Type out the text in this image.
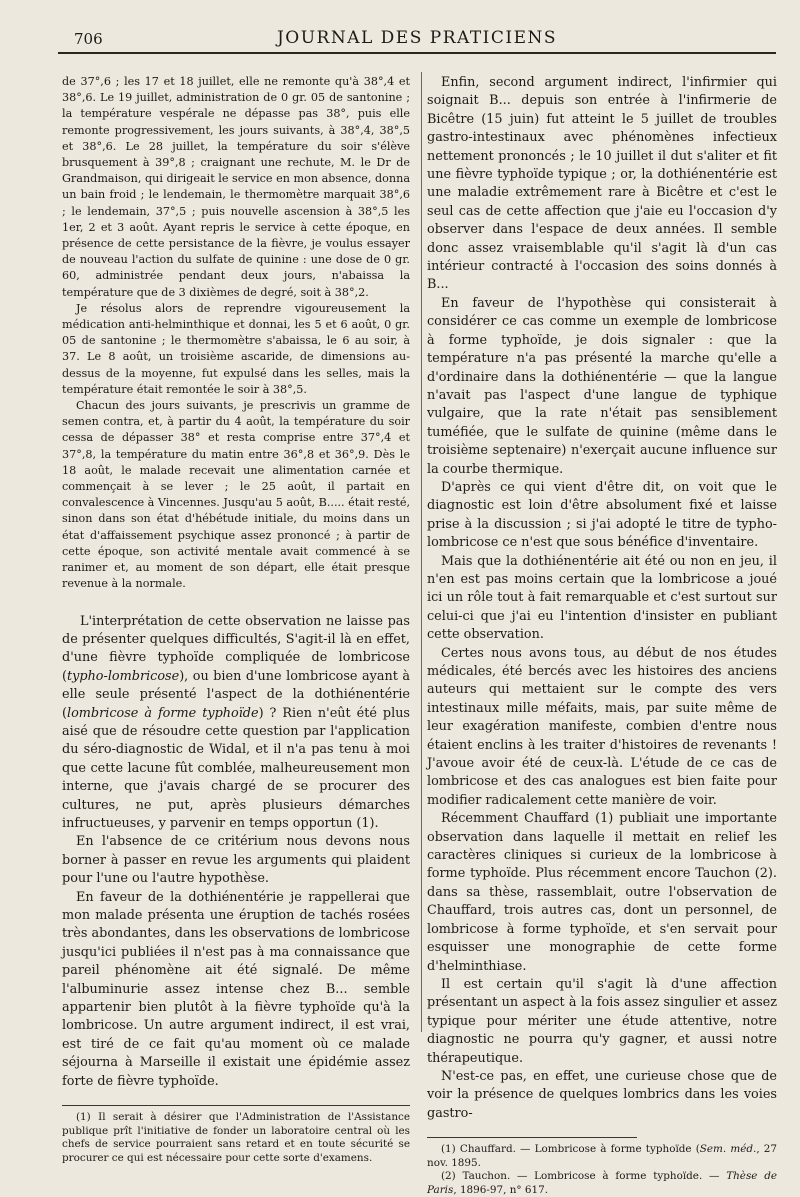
706	JOURNAL DES PRATICIENS

de 37°,6 ; les 17 et 18 juillet, elle ne remonte qu'à 38°,4 et 38°,6. Le 19 juillet, administration de 0 gr. 05 de santonine ; la température vespérale ne dépasse pas 38°, puis elle remonte progressivement, les jours suivants, à 38°,4, 38°,5 et 38°,6. Le 28 juillet, la température du soir s'élève brusquement à 39°,8 ; craignant une rechute, M. le Dr de Grandmaison, qui dirigeait le service en mon absence, donna un bain froid ; le lendemain, le thermomètre marquait 38°,6 ; le lendemain, 37°,5 ; puis nouvelle ascension à 38°,5 les 1er, 2 et 3 août. Ayant repris le service à cette époque, en présence de cette persistance de la fièvre, je voulus essayer de nouveau l'action du sulfate de quinine : une dose de 0 gr. 60, administrée pendant deux jours, n'abaissa la température que de 3 dixièmes de degré, soit à 38°,2.

Je résolus alors de reprendre vigoureusement la médication anti-helminthique et donnai, les 5 et 6 août, 0 gr. 05 de santonine ; le thermomètre s'abaissa, le 6 au soir, à 37. Le 8 août, un troisième ascaride, de dimensions au-dessus de la moyenne, fut expulsé dans les selles, mais la température était remontée le soir à 38°,5.

Chacun des jours suivants, je prescrivis un gramme de semen contra, et, à partir du 4 août, la température du soir cessa de dépasser 38° et resta comprise entre 37°,4 et 37°,8, la température du matin entre 36°,8 et 36°,9. Dès le 18 août, le malade recevait une alimentation carnée et commençait à se lever ; le 25 août, il partait en convalescence à Vincennes. Jusqu'au 5 août, B..... était resté, sinon dans son état d'hébétude initiale, du moins dans un état d'affaissement psychique assez prononcé ; à partir de cette époque, son activité mentale avait commencé à se ranimer et, au moment de son départ, elle était presque revenue à la normale.

L'interprétation de cette observation ne laisse pas de présenter quelques difficultés, S'agit-il là en effet, d'une fièvre typhoïde compliquée de lombricose (typho-lombricose), ou bien d'une lombricose ayant à elle seule présenté l'aspect de la dothiénentérie (lombricose à forme typhoïde) ? Rien n'eût été plus aisé que de résoudre cette question par l'application du séro-diagnostic de Widal, et il n'a pas tenu à moi que cette lacune fût comblée, malheureusement mon interne, que j'avais chargé de se procurer des cultures, ne put, après plusieurs démarches infructueuses, y parvenir en temps opportun (1).

En l'absence de ce critérium nous devons nous borner à passer en revue les arguments qui plaident pour l'une ou l'autre hypothèse.

En faveur de la dothiénentérie je rappellerai que mon malade présenta une éruption de tachés rosées très abondantes, dans les observations de lombricose jusqu'ici publiées il n'est pas à ma connaissance que pareil phénomène ait été signalé. De même l'albuminurie assez intense chez B... semble appartenir bien plutôt à la fièvre typhoïde qu'à la lombricose. Un autre argument indirect, il est vrai, est tiré de ce fait qu'au moment où ce malade séjourna à Marseille il existait une épidémie assez forte de fièvre typhoïde.

(1) Il serait à désirer que l'Administration de l'Assistance publique prît l'initiative de fonder un laboratoire central où les chefs de service pourraient sans retard et en toute sécurité se procurer ce qui est nécessaire pour cette sorte d'examens.

Enfin, second argument indirect, l'infirmier qui soignait B... depuis son entrée à l'infirmerie de Bicêtre (15 juin) fut atteint le 5 juillet de troubles gastro-intestinaux avec phénomènes infectieux nettement prononcés ; le 10 juillet il dut s'aliter et fit une fièvre typhoïde typique ; or, la dothiénentérie est une maladie extrêmement rare à Bicêtre et c'est le seul cas de cette affection que j'aie eu l'occasion d'y observer dans l'espace de deux années. Il semble donc assez vraisemblable qu'il s'agit là d'un cas intérieur contracté à l'occasion des soins donnés à B...

En faveur de l'hypothèse qui consisterait à considérer ce cas comme un exemple de lombricose à forme typhoïde, je dois signaler : que la température n'a pas présenté la marche qu'elle a d'ordinaire dans la dothiénentérie — que la langue n'avait pas l'aspect d'une langue de typhique vulgaire, que la rate n'était pas sensiblement tuméfiée, que le sulfate de quinine (même dans le troisième septenaire) n'exerçait aucune influence sur la courbe thermique.

D'après ce qui vient d'être dit, on voit que le diagnostic est loin d'être absolument fixé et laisse prise à la discussion ; si j'ai adopté le titre de typho-lombricose ce n'est que sous bénéfice d'inventaire.

Mais que la dothiénentérie ait été ou non en jeu, il n'en est pas moins certain que la lombricose a joué ici un rôle tout à fait remarquable et c'est surtout sur celui-ci que j'ai eu l'intention d'insister en publiant cette observation.

Certes nous avons tous, au début de nos études médicales, été bercés avec les histoires des anciens auteurs qui mettaient sur le compte des vers intestinaux mille méfaits, mais, par suite même de leur exagération manifeste, combien d'entre nous étaient enclins à les traiter d'histoires de revenants ! J'avoue avoir été de ceux-là. L'étude de ce cas de lombricose et des cas analogues est bien faite pour modifier radicalement cette manière de voir.

Récemment Chauffard (1) publiait une importante observation dans laquelle il mettait en relief les caractères cliniques si curieux de la lombricose à forme typhoïde. Plus récemment encore Tauchon (2). dans sa thèse, rassemblait, outre l'observation de Chauffard, trois autres cas, dont un personnel, de lombricose à forme typhoïde, et s'en servait pour esquisser une monographie de cette forme d'helminthiase.

Il est certain qu'il s'agit là d'une affection présentant un aspect à la fois assez singulier et assez typique pour mériter une étude attentive, notre diagnostic ne pourra qu'y gagner, et aussi notre thérapeutique.

N'est-ce pas, en effet, une curieuse chose que de voir la présence de quelques lombrics dans les voies gastro-

(1) Chauffard. — Lombricose à forme typhoïde (Sem. méd., 27 nov. 1895.

(2) Tauchon. — Lombricose à forme typhoïde. — Thèse de Paris, 1896-97, n° 617.
